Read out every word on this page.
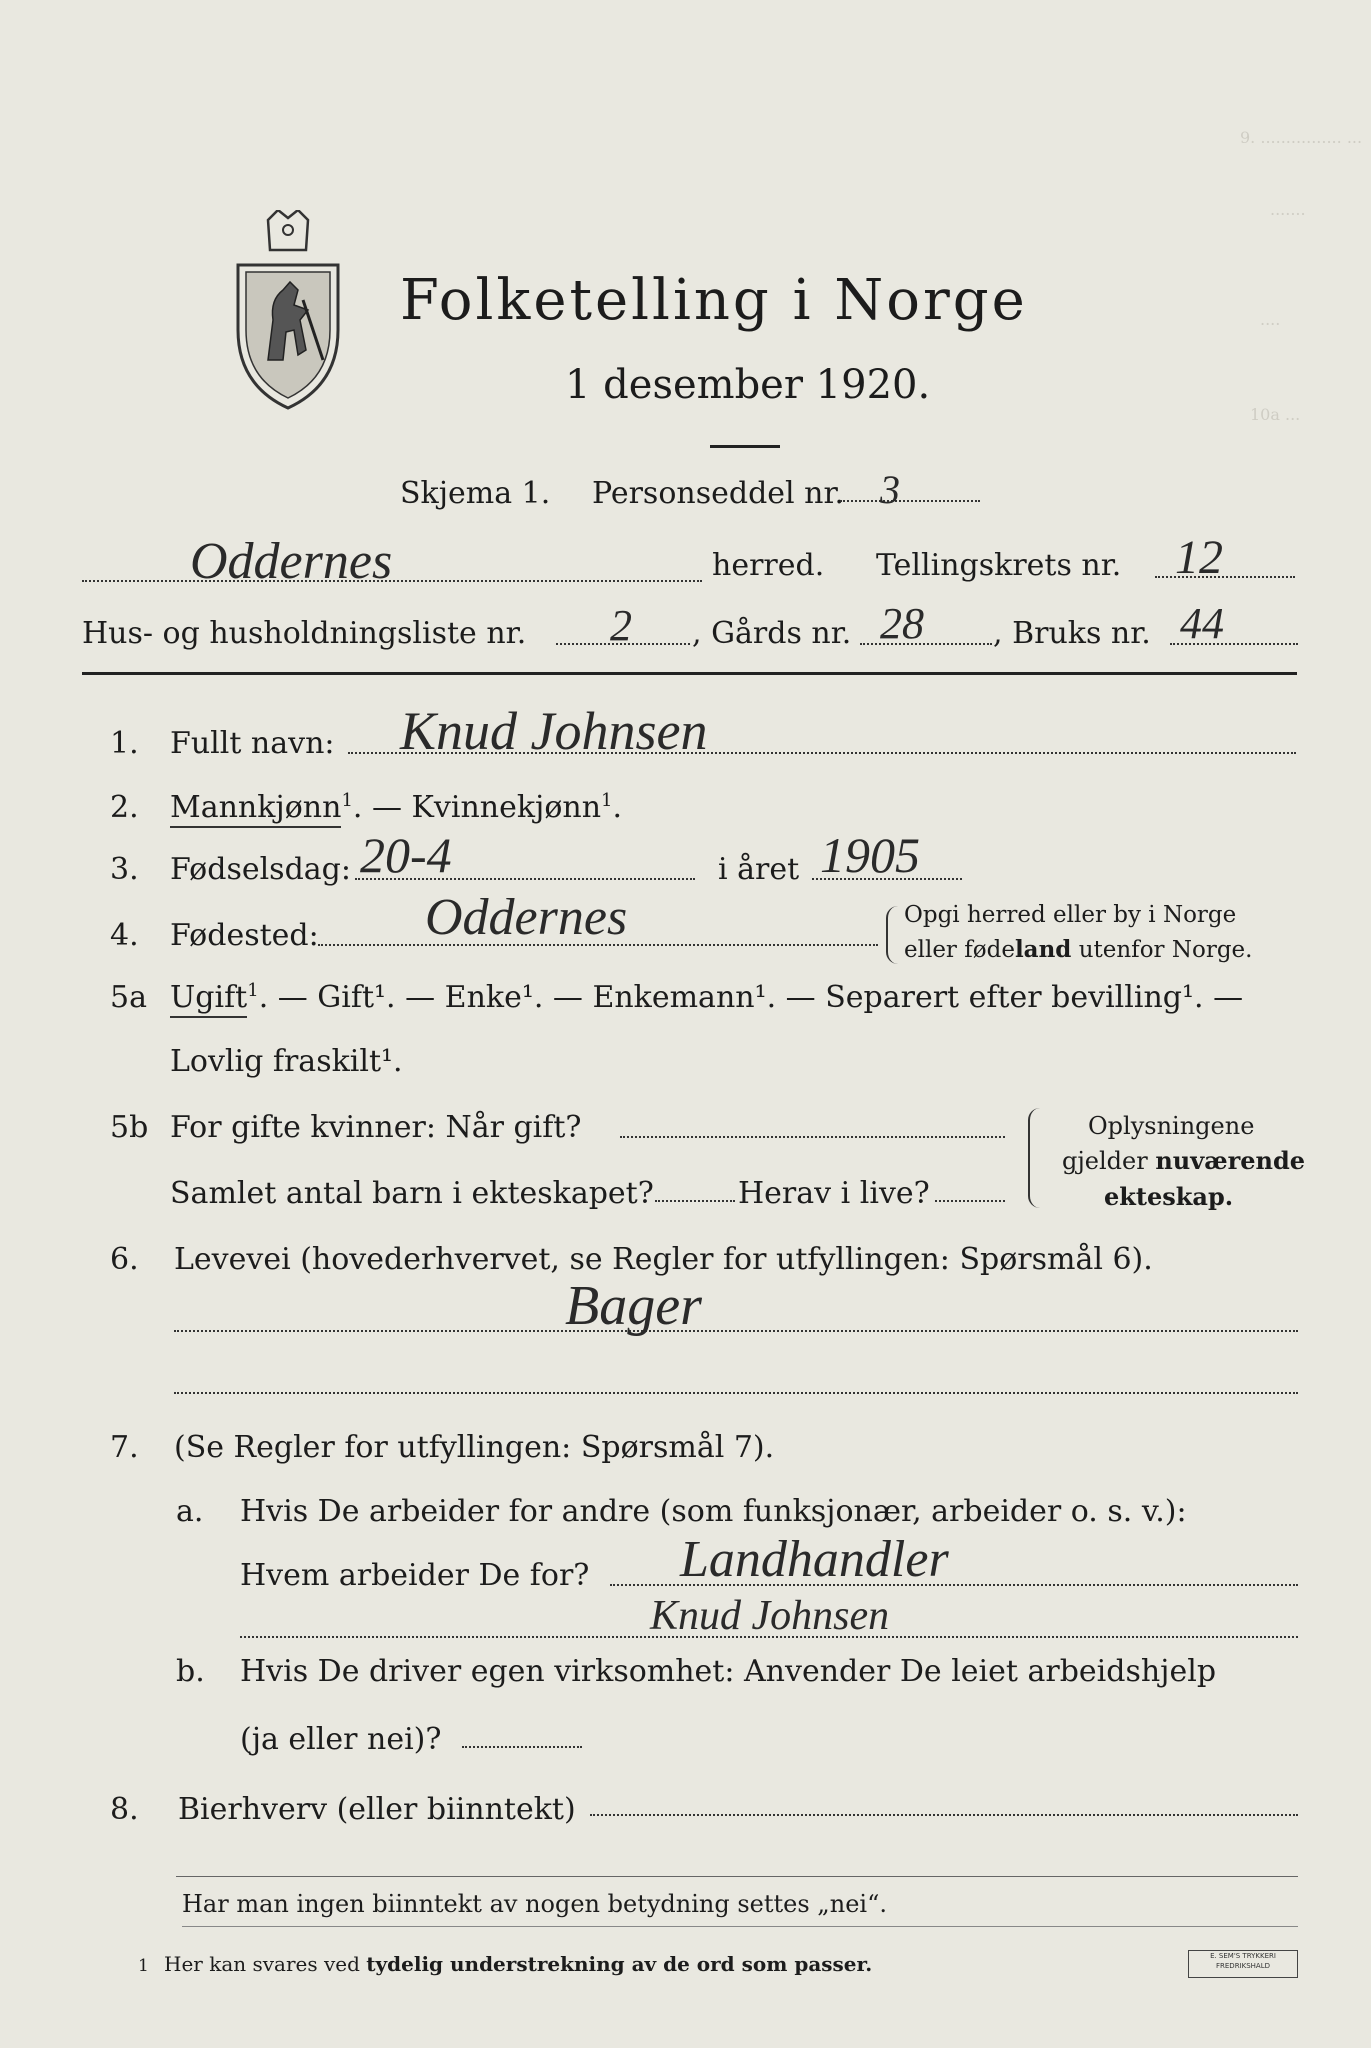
9. ................ ...
.......
....
10a ...
Folketelling i Norge
1 desember 1920.
Skjema 1. Personseddel nr. 3
Oddernes	herred. Tellingskrets nr. 12
Hus- og husholdningsliste nr. 2 , Gårds nr. 28 , Bruks nr. 44
1. Fullt navn: Knud Johnsen
2. Mannkjønn$^1$. — Kvinnekjønn$^1$.
3. Fødselsdag: 20-4	i året 1905
4. Fødested: Oddernes	Opgi herred eller by i Norge
eller fødeland utenfor Norge.
5a Ugift$^1$. — Gift¹. — Enke¹. — Enkemann¹. — Separert efter bevilling¹. —
Lovlig fraskilt¹.
5b For gifte kvinner: Når gift?
Samlet antal barn i ekteskapet?	Herav i live?
Oplysningene
gjelder nuværende
ekteskap.
6. Levevei (hovederhvervet, se Regler for utfyllingen: Spørsmål 6).
Bager
7. (Se Regler for utfyllingen: Spørsmål 7).
a. Hvis De arbeider for andre (som funksjonær, arbeider o. s. v.):
Hvem arbeider De for? Landhandler
Knud Johnsen
b. Hvis De driver egen virksomhet: Anvender De leiet arbeidshjelp
(ja eller nei)?
8. Bierhverv (eller biinntekt)
Har man ingen biinntekt av nogen betydning settes „nei“.
1 Her kan svares ved tydelig understrekning av de ord som passer.	E. SEM'S TRYKKERI
FREDRIKSHALD
